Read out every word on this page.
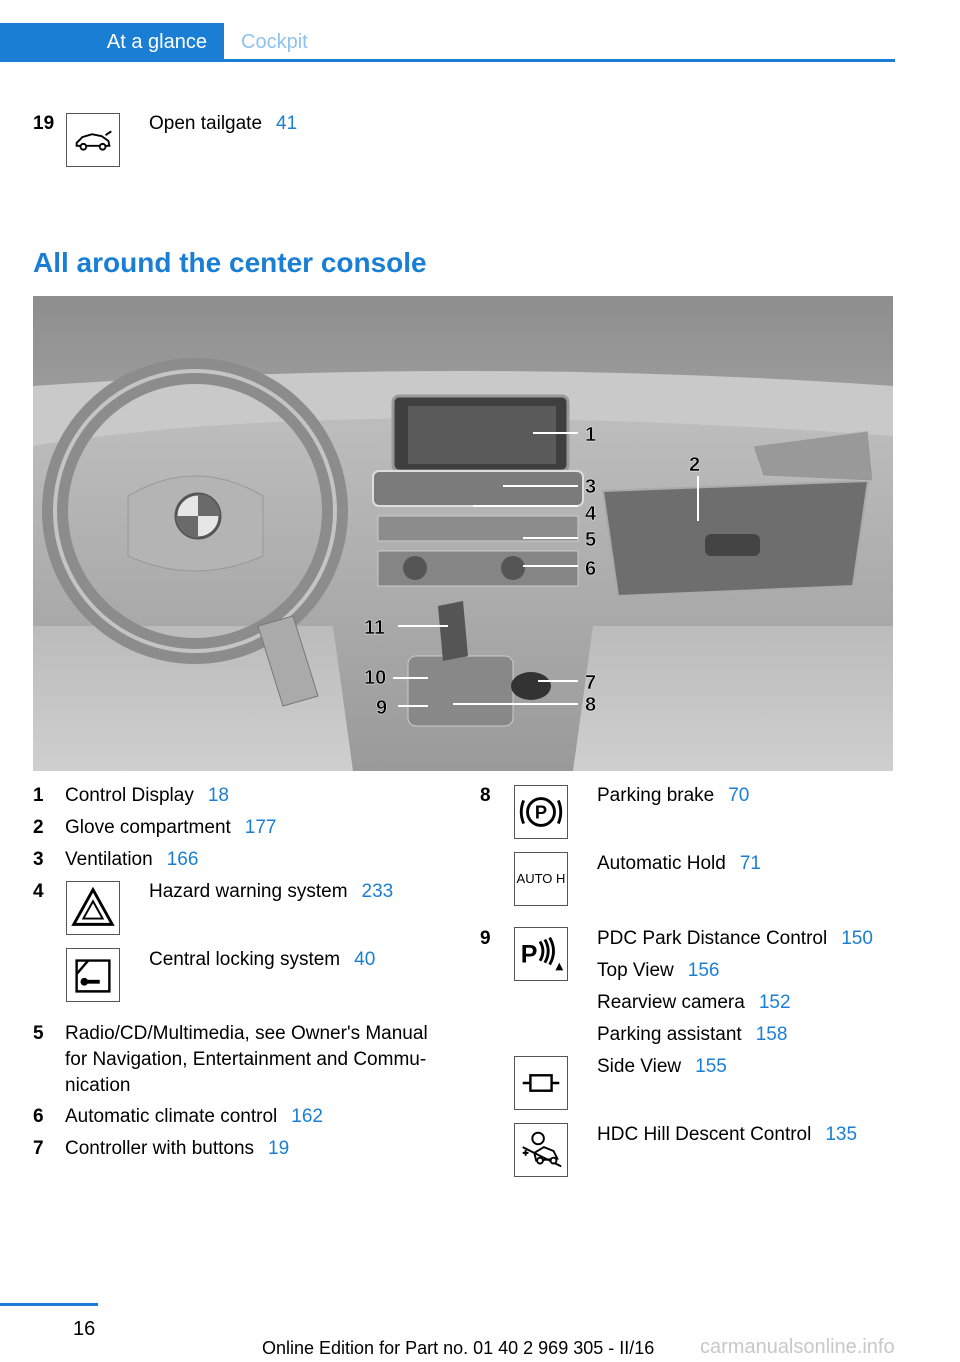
At a glance Cockpit
19	Open tailgate 41
All around the center console
1
2
3
4
5
6
7
8
9
10
11
1 Control Display 18
2 Glove compartment 177
3 Ventilation 166
4	Hazard warning system 233
Central locking system 40
5 Radio/CD/Multimedia, see Owner's Manual
for Navigation, Entertainment and Commu-
nication
6 Automatic climate control 162
7 Controller with buttons 19
8
P
Parking brake 70
AUTO H
Automatic Hold 71
9
P
PDC Park Distance Control 150
Top View 156
Rearview camera 152
Parking assistant 158
Side View 155
HDC Hill Descent Control 135
16
Online Edition for Part no. 01 40 2 969 305 - II/16 carmanualsonline.info
